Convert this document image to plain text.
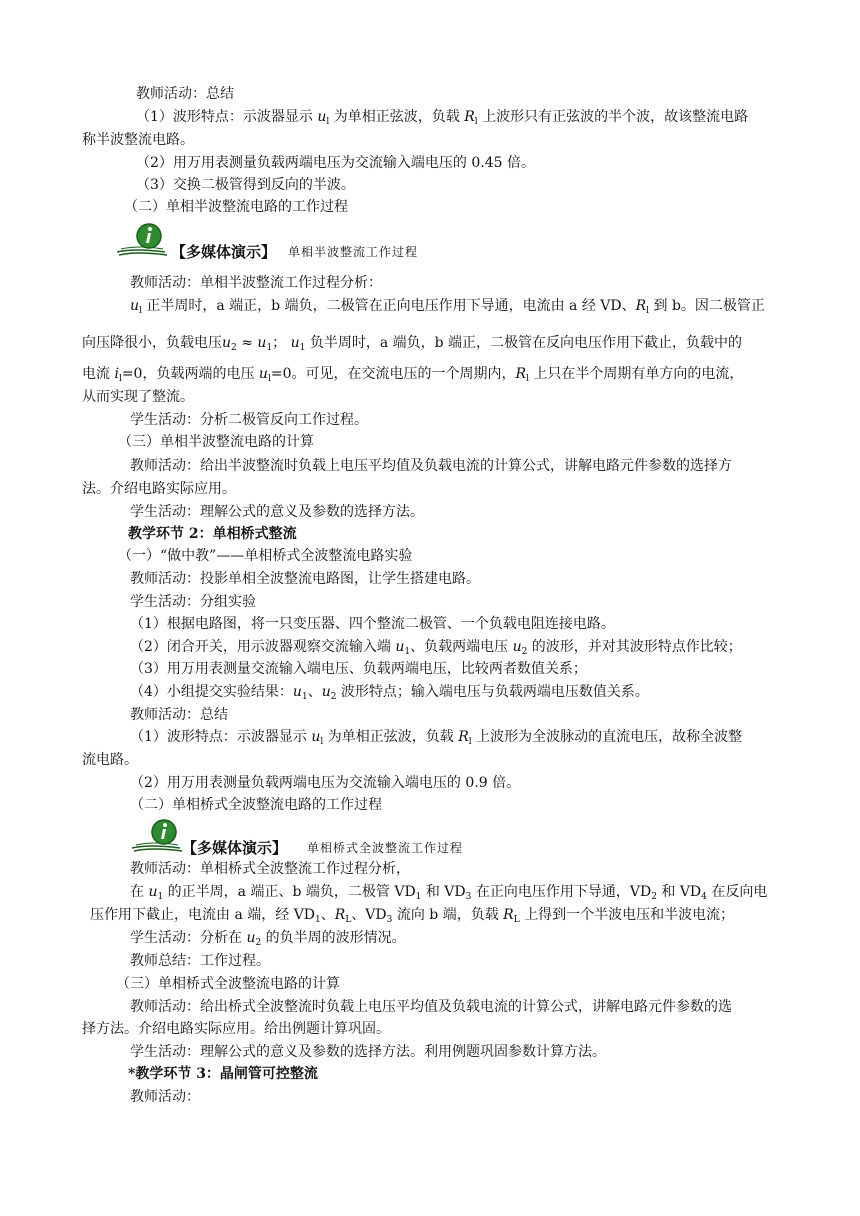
教师活动：总结
（1）波形特点：示波器显示 $u_l$ 为单相正弦波，负载 $R_l$ 上波形只有正弦波的半个波，故该整流电路
称半波整流电路。
（2）用万用表测量负载两端电压为交流输入端电压的 0.45 倍。
（3）交换二极管得到反向的半波。
（二）单相半波整流电路的工作过程
【多媒体演示】 单相半波整流工作过程
教师活动：单相半波整流工作过程分析：
$u_l$ 正半周时，a 端正，b 端负，二极管在正向电压作用下导通，电流由 a 经 VD、$R_l$ 到 b。因二极管正
向压降很小，负载电压$u_2 \approx u_1$； $u_1$ 负半周时，a 端负，b 端正，二极管在反向电压作用下截止，负载中的
电流 $i_l=0$，负载两端的电压 $u_l=0$。可见，在交流电压的一个周期内，$R_l$ 上只在半个周期有单方向的电流，
从而实现了整流。
学生活动：分析二极管反向工作过程。
（三）单相半波整流电路的计算
教师活动：给出半波整流时负载上电压平均值及负载电流的计算公式，讲解电路元件参数的选择方
法。介绍电路实际应用。
学生活动：理解公式的意义及参数的选择方法。
教学环节 2：单相桥式整流
（一）“做中教”——单相桥式全波整流电路实验
教师活动：投影单相全波整流电路图，让学生搭建电路。
学生活动：分组实验
（1）根据电路图，将一只变压器、四个整流二极管、一个负载电阻连接电路。
（2）闭合开关，用示波器观察交流输入端 $u_1$、负载两端电压 $u_2$ 的波形，并对其波形特点作比较；
（3）用万用表测量交流输入端电压、负载两端电压，比较两者数值关系；
（4）小组提交实验结果：$u_1$、$u_2$ 波形特点；输入端电压与负载两端电压数值关系。
教师活动：总结
（1）波形特点：示波器显示 $u_l$ 为单相正弦波，负载 $R_l$ 上波形为全波脉动的直流电压，故称全波整
流电路。
（2）用万用表测量负载两端电压为交流输入端电压的 0.9 倍。
（二）单相桥式全波整流电路的工作过程
【多媒体演示】 单相桥式全波整流工作过程
教师活动：单相桥式全波整流工作过程分析，
在 $u_1$ 的正半周，a 端正、b 端负，二极管 $VD_1$ 和 $VD_3$ 在正向电压作用下导通，$VD_2$ 和 $VD_4$ 在反向电
压作用下截止，电流由 a 端，经 $VD_1$、$R_L$、$VD_3$ 流向 b 端，负载 $R_L$ 上得到一个半波电压和半波电流；
学生活动：分析在 $u_2$ 的负半周的波形情况。
教师总结：工作过程。
（三）单相桥式全波整流电路的计算
教师活动：给出桥式全波整流时负载上电压平均值及负载电流的计算公式，讲解电路元件参数的选
择方法。介绍电路实际应用。给出例题计算巩固。
学生活动：理解公式的意义及参数的选择方法。利用例题巩固参数计算方法。
*教学环节 3：晶闸管可控整流
教师活动：
